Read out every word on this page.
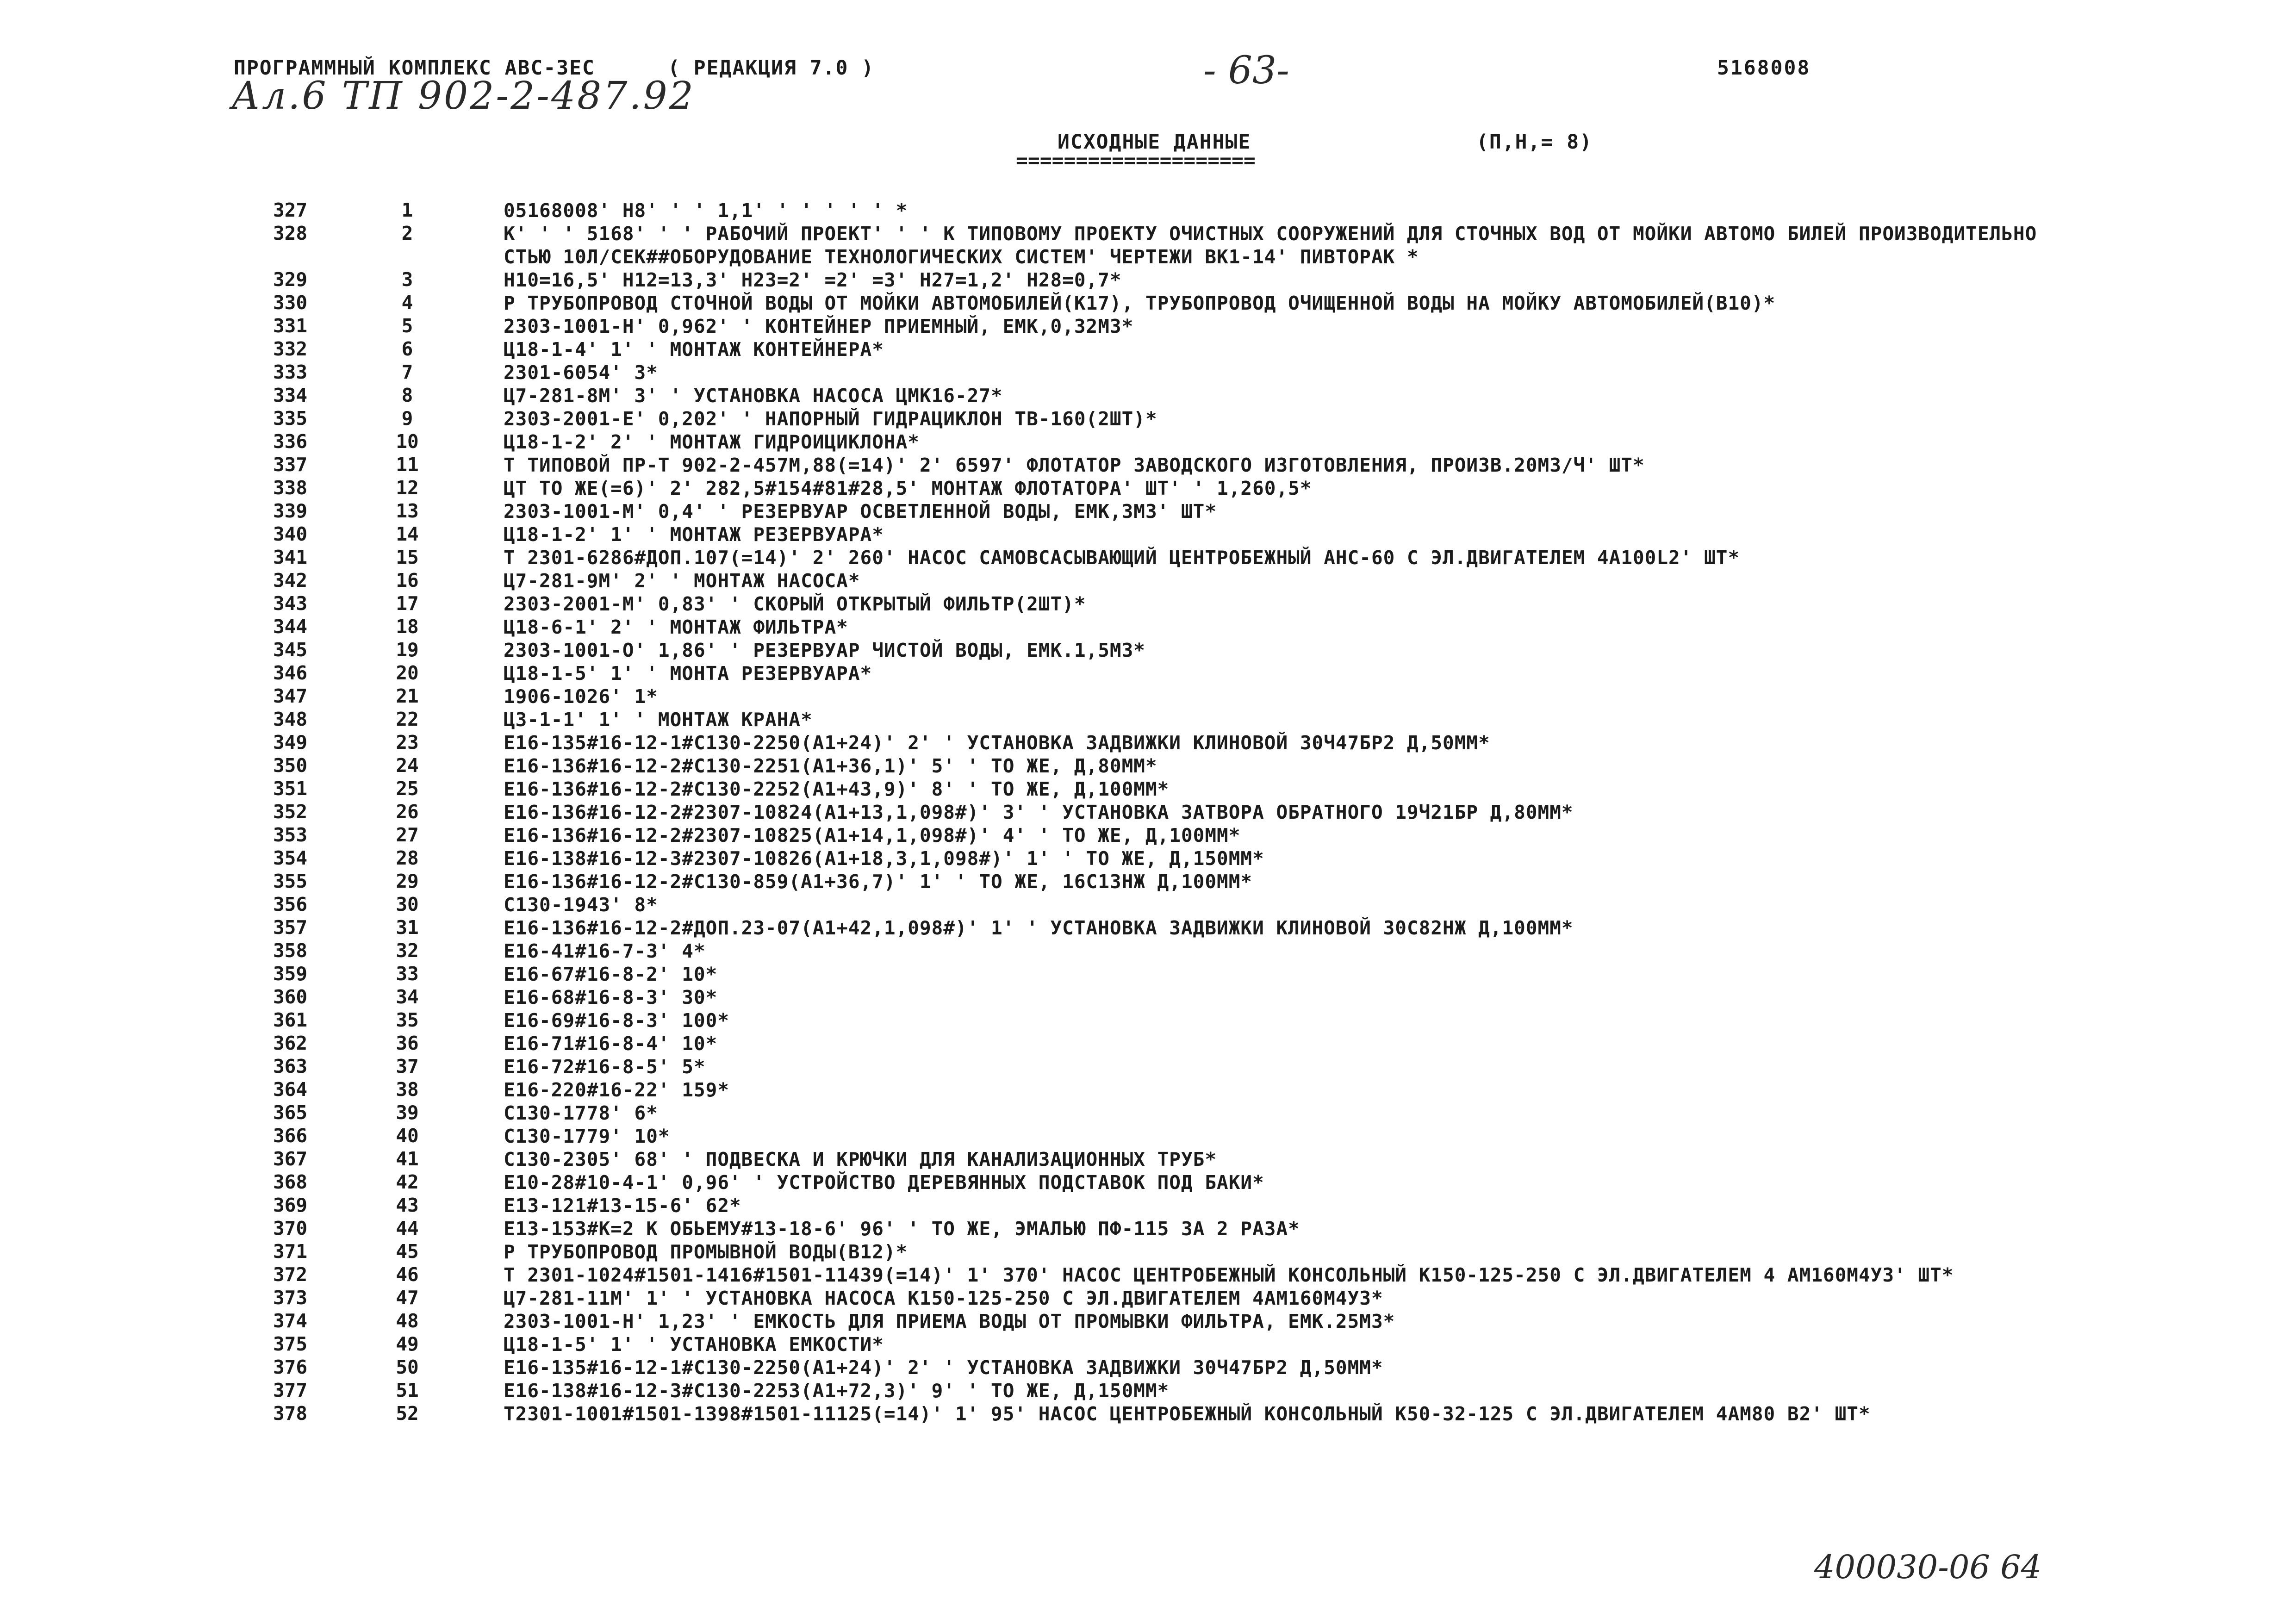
ПРОГРАММНЫЙ КОМПЛЕКС АВС-3ЕС	( РЕДАКЦИЯ 7.0 )
Ал.6 ТП 902-2-487.92
- 63-	5168008
ИСХОДНЫЕ ДАННЫЕ	(П,Н,= 8)
====================
327	1	05168008' Н8' ' ' 1,1' ' ' ' ' ' *
328	2	К' ' ' 5168' ' ' РАБОЧИЙ ПРОЕКТ' ' ' К ТИПОВОМУ ПРОЕКТУ ОЧИСТНЫХ СООРУЖЕНИЙ ДЛЯ СТОЧНЫХ ВОД ОТ МОЙКИ АВТОМО БИЛЕЙ ПРОИЗВОДИТЕЛЬНОСТЬЮ 10Л/СЕК##ОБОРУДОВАНИЕ ТЕХНОЛОГИЧЕСКИХ СИСТЕМ' ЧЕРТЕЖИ ВК1-14' ПИВТОРАК *
329	3	Н10=16,5' Н12=13,3' Н23=2' =2' =3' Н27=1,2' Н28=0,7*
330	4	Р ТРУБОПРОВОД СТОЧНОЙ ВОДЫ ОТ МОЙКИ АВТОМОБИЛЕЙ(К17), ТРУБОПРОВОД ОЧИЩЕННОЙ ВОДЫ НА МОЙКУ АВТОМОБИЛЕЙ(В10)*
331	5	2303-1001-Н' 0,962' ' КОНТЕЙНЕР ПРИЕМНЫЙ, ЕМК,0,32М3*
332	6	Ц18-1-4' 1' ' МОНТАЖ КОНТЕЙНЕРА*
333	7	2301-6054' 3*
334	8	Ц7-281-8М' 3' ' УСТАНОВКА НАСОСА ЦМК16-27*
335	9	2303-2001-Е' 0,202' ' НАПОРНЫЙ ГИДРАЦИКЛОН ТВ-160(2ШТ)*
336	10	Ц18-1-2' 2' ' МОНТАЖ ГИДРОИЦИКЛОНА*
337	11	Т ТИПОВОЙ ПР-Т 902-2-457М,88(=14)' 2' 6597' ФЛОТАТОР ЗАВОДСКОГО ИЗГОТОВЛЕНИЯ, ПРОИЗВ.20М3/Ч' ШТ*
338	12	ЦТ ТО ЖЕ(=6)' 2' 282,5#154#81#28,5' МОНТАЖ ФЛОТАТОРА' ШТ' ' 1,260,5*
339	13	2303-1001-М' 0,4' ' РЕЗЕРВУАР ОСВЕТЛЕННОЙ ВОДЫ, ЕМК,3М3' ШТ*
340	14	Ц18-1-2' 1' ' МОНТАЖ РЕЗЕРВУАРА*
341	15	Т 2301-6286#ДОП.107(=14)' 2' 260' НАСОС САМОВСАСЫВАЮЩИЙ ЦЕНТРОБЕЖНЫЙ АНС-60 С ЭЛ.ДВИГАТЕЛЕМ 4А100L2' ШТ*
342	16	Ц7-281-9М' 2' ' МОНТАЖ НАСОСА*
343	17	2303-2001-М' 0,83' ' СКОРЫЙ ОТКРЫТЫЙ ФИЛЬТР(2ШТ)*
344	18	Ц18-6-1' 2' ' МОНТАЖ ФИЛЬТРА*
345	19	2303-1001-О' 1,86' ' РЕЗЕРВУАР ЧИСТОЙ ВОДЫ, ЕМК.1,5М3*
346	20	Ц18-1-5' 1' ' МОНТА РЕЗЕРВУАРА*
347	21	1906-1026' 1*
348	22	Ц3-1-1' 1' ' МОНТАЖ КРАНА*
349	23	Е16-135#16-12-1#С130-2250(А1+24)' 2' ' УСТАНОВКА ЗАДВИЖКИ КЛИНОВОЙ 30Ч47БР2 Д,50ММ*
350	24	Е16-136#16-12-2#С130-2251(А1+36,1)' 5' ' ТО ЖЕ, Д,80ММ*
351	25	Е16-136#16-12-2#С130-2252(А1+43,9)' 8' ' ТО ЖЕ, Д,100ММ*
352	26	Е16-136#16-12-2#2307-10824(А1+13,1,098#)' 3' ' УСТАНОВКА ЗАТВОРА ОБРАТНОГО 19Ч21БР Д,80ММ*
353	27	Е16-136#16-12-2#2307-10825(А1+14,1,098#)' 4' ' ТО ЖЕ, Д,100ММ*
354	28	Е16-138#16-12-3#2307-10826(А1+18,3,1,098#)' 1' ' ТО ЖЕ, Д,150ММ*
355	29	Е16-136#16-12-2#С130-859(А1+36,7)' 1' ' ТО ЖЕ, 16С13НЖ Д,100ММ*
356	30	С130-1943' 8*
357	31	Е16-136#16-12-2#ДОП.23-07(А1+42,1,098#)' 1' ' УСТАНОВКА ЗАДВИЖКИ КЛИНОВОЙ 30С82НЖ Д,100ММ*
358	32	Е16-41#16-7-3' 4*
359	33	Е16-67#16-8-2' 10*
360	34	Е16-68#16-8-3' 30*
361	35	Е16-69#16-8-3' 100*
362	36	Е16-71#16-8-4' 10*
363	37	Е16-72#16-8-5' 5*
364	38	Е16-220#16-22' 159*
365	39	С130-1778' 6*
366	40	С130-1779' 10*
367	41	С130-2305' 68' ' ПОДВЕСКА И КРЮЧКИ ДЛЯ КАНАЛИЗАЦИОННЫХ ТРУБ*
368	42	Е10-28#10-4-1' 0,96' ' УСТРОЙСТВО ДЕРЕВЯННЫХ ПОДСТАВОК ПОД БАКИ*
369	43	Е13-121#13-15-6' 62*
370	44	Е13-153#К=2 К ОБЬЕМУ#13-18-6' 96' ' ТО ЖЕ, ЭМАЛЬЮ ПФ-115 ЗА 2 РАЗА*
371	45	Р ТРУБОПРОВОД ПРОМЫВНОЙ ВОДЫ(В12)*
372	46	Т 2301-1024#1501-1416#1501-11439(=14)' 1' 370' НАСОС ЦЕНТРОБЕЖНЫЙ КОНСОЛЬНЫЙ К150-125-250 С ЭЛ.ДВИГАТЕЛЕМ 4 АМ160М4У3' ШТ*
373	47	Ц7-281-11М' 1' ' УСТАНОВКА НАСОСА К150-125-250 С ЭЛ.ДВИГАТЕЛЕМ 4АМ160М4У3*
374	48	2303-1001-Н' 1,23' ' ЕМКОСТЬ ДЛЯ ПРИЕМА ВОДЫ ОТ ПРОМЫВКИ ФИЛЬТРА, ЕМК.25М3*
375	49	Ц18-1-5' 1' ' УСТАНОВКА ЕМКОСТИ*
376	50	Е16-135#16-12-1#С130-2250(А1+24)' 2' ' УСТАНОВКА ЗАДВИЖКИ 30Ч47БР2 Д,50ММ*
377	51	Е16-138#16-12-3#С130-2253(А1+72,3)' 9' ' ТО ЖЕ, Д,150ММ*
378	52	Т2301-1001#1501-1398#1501-11125(=14)' 1' 95' НАСОС ЦЕНТРОБЕЖНЫЙ КОНСОЛЬНЫЙ К50-32-125 С ЭЛ.ДВИГАТЕЛЕМ 4АМ80 В2' ШТ*
400030-06 64
